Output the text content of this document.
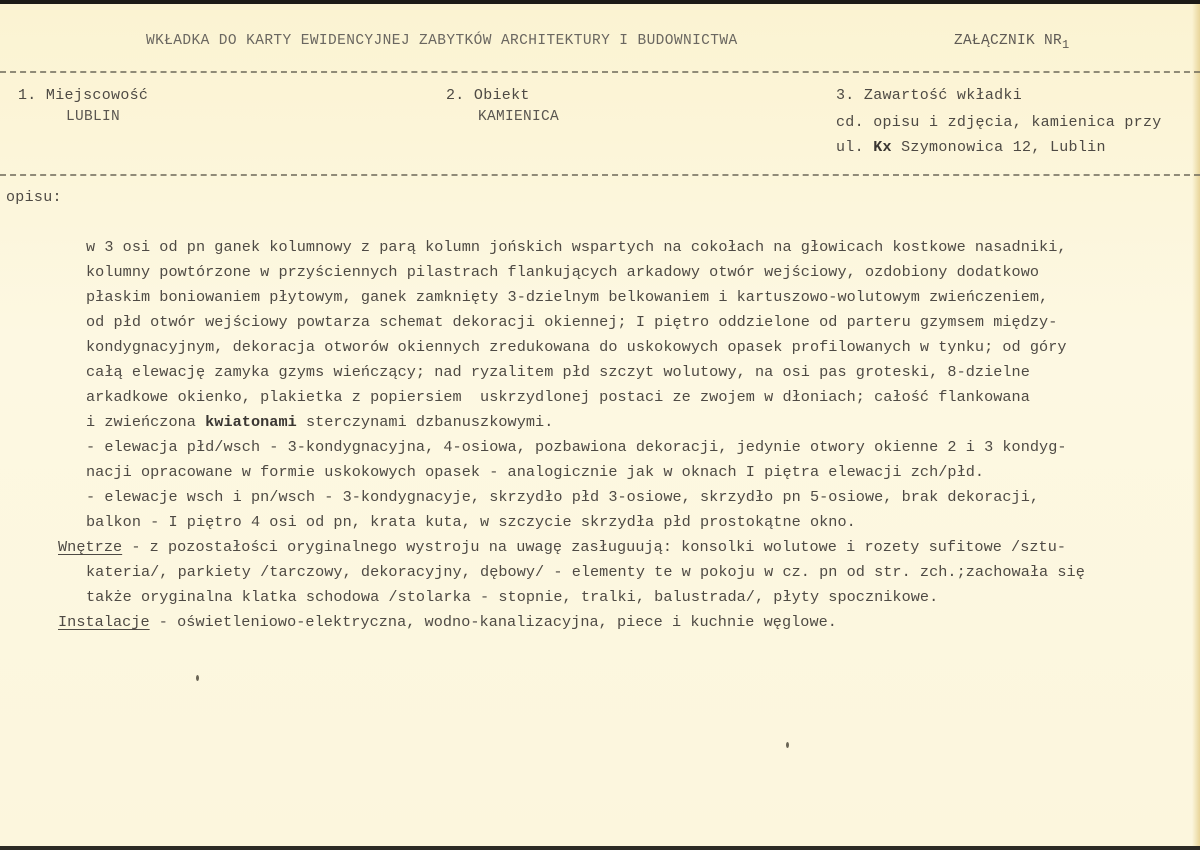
WKŁADKA DO KARTY EWIDENCYJNEJ ZABYTKÓW ARCHITEKTURY I BUDOWNICTWA	ZAŁĄCZNIK $NR_1$
1. Miejscowość
LUBLIN
2. Obiekt
KAMIENICA
3. Zawartość wkładki
cd. opisu i zdjęcia, kamienica przy
ul. Kx Szymonowica 12, Lublin
opisu:
w 3 osi od pn ganek kolumnowy z parą kolumn jońskich wspartych na cokołach na głowicach kostkowe nasadniki,
kolumny powtórzone w przyściennych pilastrach flankujących arkadowy otwór wejściowy, ozdobiony dodatkowo
płaskim boniowaniem płytowym, ganek zamknięty 3-dzielnym belkowaniem i kartuszowo-wolutowym zwieńczeniem,
od płd otwór wejściowy powtarza schemat dekoracji okiennej; I piętro oddzielone od parteru gzymsem między-
kondygnacyjnym, dekoracja otworów okiennych zredukowana do uskokowych opasek profilowanych w tynku; od góry
całą elewację zamyka gzyms wieńczący; nad ryzalitem płd szczyt wolutowy, na osi pas groteski, 8-dzielne
arkadkowe okienko, plakietka z popiersiem  uskrzydlonej postaci ze zwojem w dłoniach; całość flankowana
i zwieńczona kwiatonami sterczynami dzbanuszkowymi.
- elewacja płd/wsch - 3-kondygnacyjna, 4-osiowa, pozbawiona dekoracji, jedynie otwory okienne 2 i 3 kondyg-
nacji opracowane w formie uskokowych opasek - analogicznie jak w oknach I piętra elewacji zch/płd.
- elewacje wsch i pn/wsch - 3-kondygnacyje, skrzydło płd 3-osiowe, skrzydło pn 5-osiowe, brak dekoracji,
balkon - I piętro 4 osi od pn, krata kuta, w szczycie skrzydła płd prostokątne okno.
Wnętrze - z pozostałości oryginalnego wystroju na uwagę zasługuują: konsolki wolutowe i rozety sufitowe /sztu-
kateria/, parkiety /tarczowy, dekoracyjny, dębowy/ - elementy te w pokoju w cz. pn od str. zch.;zachowała się
także oryginalna klatka schodowa /stolarka - stopnie, tralki, balustrada/, płyty spocznikowe.
Instalacje - oświetleniowo-elektryczna, wodno-kanalizacyjna, piece i kuchnie węglowe.
